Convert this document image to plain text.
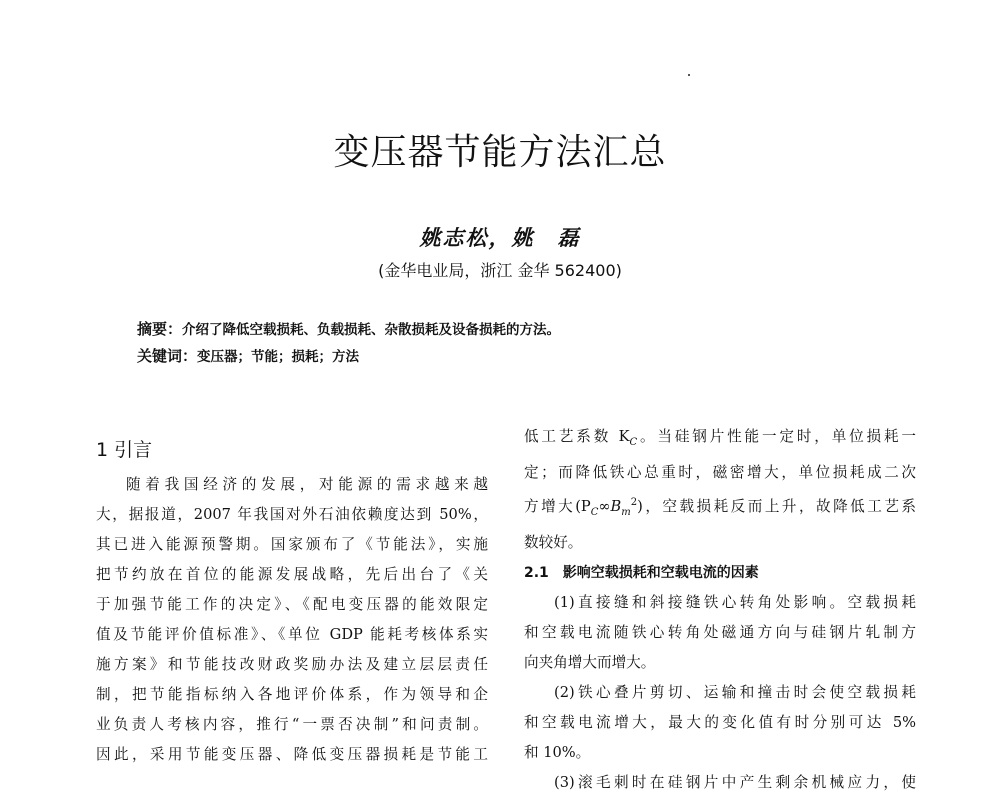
变压器节能方法汇总
姚志松，姚　磊
(金华电业局，浙江 金华 562400)
摘要：介绍了降低空载损耗、负载损耗、杂散损耗及设备损耗的方法。
关键词：变压器；节能；损耗；方法
1 引言
随着我国经济的发展，对能源的需求越来越
大，据报道，2007 年我国对外石油依赖度达到 50%，
其已进入能源预警期。国家颁布了《节能法》，实施
把节约放在首位的能源发展战略，先后出台了《关
于加强节能工作的决定》、《配电变压器的能效限定
值及节能评价值标准》、《单位 GDP 能耗考核体系实
施方案》和节能技改财政奖励办法及建立层层责任
制，把节能指标纳入各地评价体系，作为领导和企
业负责人考核内容，推行“一票否决制”和问责制。
因此，采用节能变压器、降低变压器损耗是节能工
低工艺系数 $K_C$。当硅钢片性能一定时，单位损耗一
定；而降低铁心总重时，磁密增大，单位损耗成二次
方增大$(P_C\infty B_m^2)$，空载损耗反而上升，故降低工艺系
数较好。
2.1　影响空载损耗和空载电流的因素
(1)直接缝和斜接缝铁心转角处影响。空载损耗
和空载电流随铁心转角处磁通方向与硅钢片轧制方
向夹角增大而增大。
(2)铁心叠片剪切、运输和撞击时会使空载损耗
和空载电流增大，最大的变化值有时分别可达 5%
和 10%。
(3)滚毛刺时在硅钢片中产生剩余机械应力，使
